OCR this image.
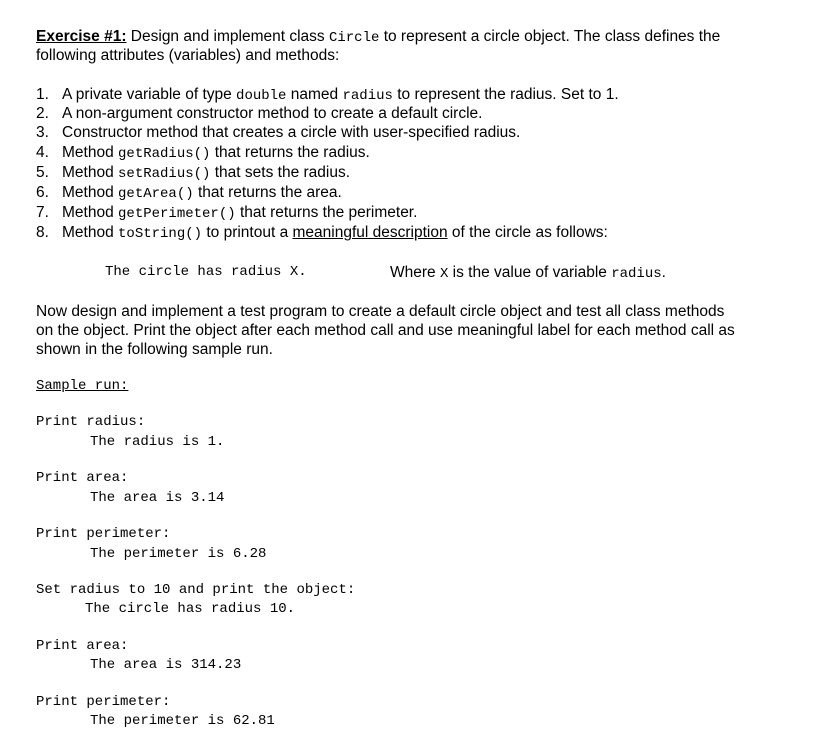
Exercise #1: Design and implement class Circle to represent a circle object. The class defines the
following attributes (variables) and methods:
1. A private variable of type double named radius to represent the radius. Set to 1.
2. A non-argument constructor method to create a default circle.
3. Constructor method that creates a circle with user-specified radius.
4. Method getRadius() that returns the radius.
5. Method setRadius() that sets the radius.
6. Method getArea() that returns the area.
7. Method getPerimeter() that returns the perimeter.
8. Method toString() to printout a meaningful description of the circle as follows:
The circle has radius X.	Where X is the value of variable radius.
Now design and implement a test program to create a default circle object and test all class methods
on the object. Print the object after each method call and use meaningful label for each method call as
shown in the following sample run.
Sample run:
Print radius:
The radius is 1.
Print area:
The area is 3.14
Print perimeter:
The perimeter is 6.28
Set radius to 10 and print the object:
The circle has radius 10.
Print area:
The area is 314.23
Print perimeter:
The perimeter is 62.81
